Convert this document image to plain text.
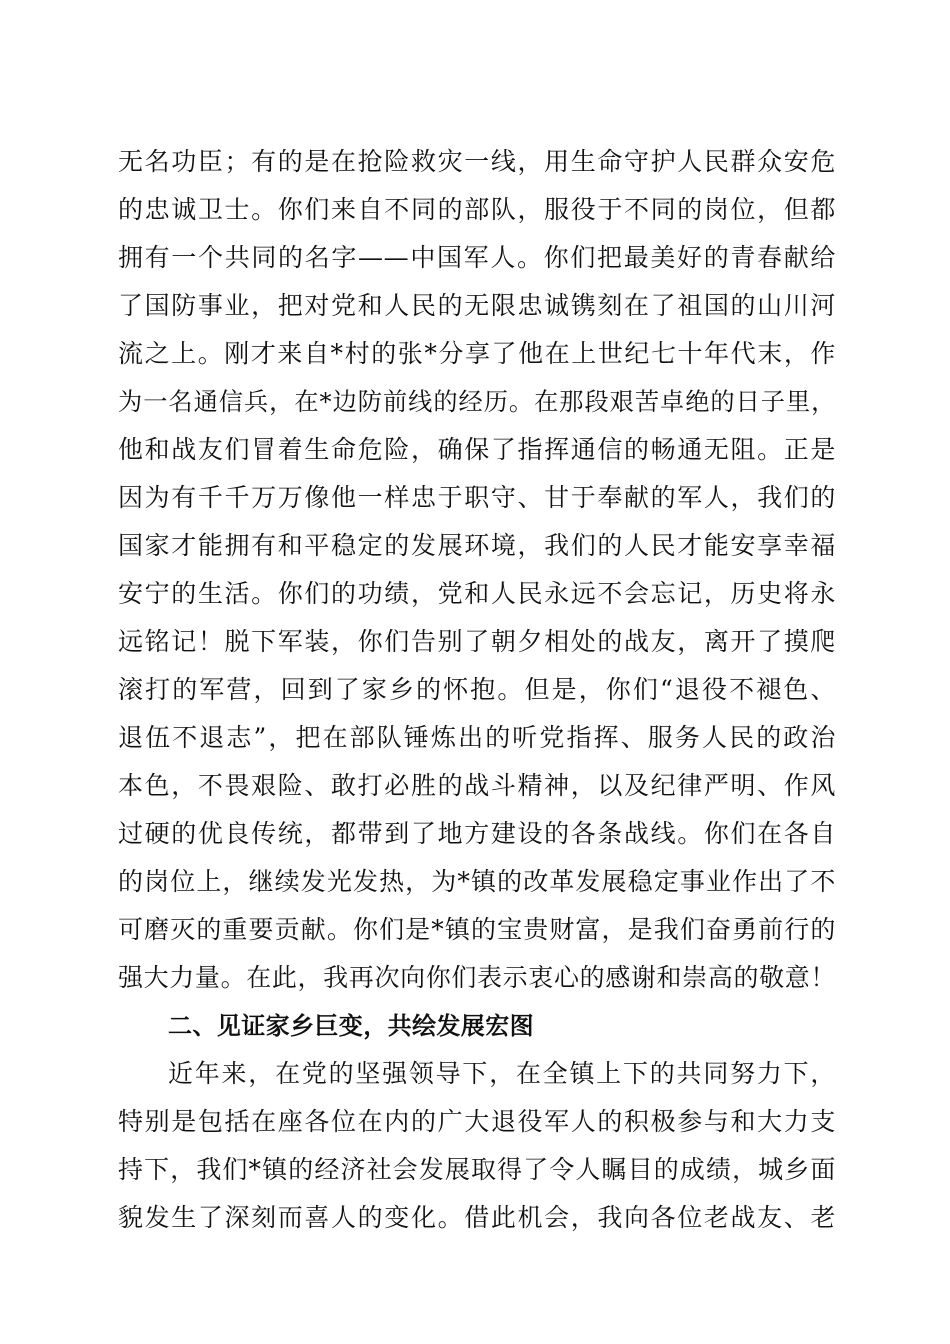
无名功臣；有的是在抢险救灾一线，用生命守护人民群众安危
的忠诚卫士。你们来自不同的部队，服役于不同的岗位，但都
拥有一个共同的名字——中国军人。你们把最美好的青春献给
了国防事业，把对党和人民的无限忠诚镌刻在了祖国的山川河
流之上。刚才来自*村的张*分享了他在上世纪七十年代末，作
为一名通信兵，在*边防前线的经历。在那段艰苦卓绝的日子里，
他和战友们冒着生命危险，确保了指挥通信的畅通无阻。正是
因为有千千万万像他一样忠于职守、甘于奉献的军人，我们的
国家才能拥有和平稳定的发展环境，我们的人民才能安享幸福
安宁的生活。你们的功绩，党和人民永远不会忘记，历史将永
远铭记！脱下军装，你们告别了朝夕相处的战友，离开了摸爬
滚打的军营，回到了家乡的怀抱。但是，你们“退役不褪色、
退伍不退志”，把在部队锤炼出的听党指挥、服务人民的政治
本色，不畏艰险、敢打必胜的战斗精神，以及纪律严明、作风
过硬的优良传统，都带到了地方建设的各条战线。你们在各自
的岗位上，继续发光发热，为*镇的改革发展稳定事业作出了不
可磨灭的重要贡献。你们是*镇的宝贵财富，是我们奋勇前行的
强大力量。在此，我再次向你们表示衷心的感谢和崇高的敬意！
二、见证家乡巨变，共绘发展宏图
近年来，在党的坚强领导下，在全镇上下的共同努力下，
特别是包括在座各位在内的广大退役军人的积极参与和大力支
持下，我们*镇的经济社会发展取得了令人瞩目的成绩，城乡面
貌发生了深刻而喜人的变化。借此机会，我向各位老战友、老
